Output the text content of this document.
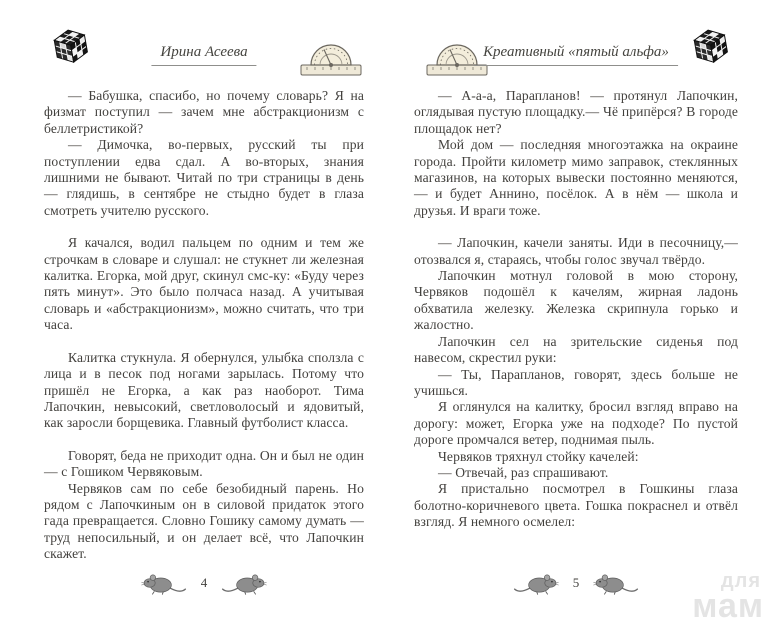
Ирина Асеева

— Бабушка, спасибо, но почему словарь? Я на физмат поступил — зачем мне абстракционизм с беллетристикой?

— Димочка, во-первых, русский ты при поступлении едва сдал. А во-вторых, знания лишними не бывают. Читай по три страницы в день — глядишь, в сентябре не стыдно будет в глаза смотреть учителю русского.

Я качался, водил пальцем по одним и тем же строчкам в словаре и слушал: не стукнет ли железная калитка. Егорка, мой друг, скинул смс-ку: «Буду через пять минут». Это было полчаса назад. А учитывая словарь и «абстракционизм», можно считать, что три часа.

Калитка стукнула. Я обернулся, улыбка сползла с лица и в песок под ногами зарылась. Потому что пришёл не Егорка, а как раз наоборот. Тима Лапочкин, невысокий, светловолосый и ядовитый, как заросли борщевика. Главный футболист класса.

Говорят, беда не приходит одна. Он и был не один — с Гошиком Червяковым.

Червяков сам по себе безобидный парень. Но рядом с Лапочкиным он в силовой придаток этого гада превращается. Словно Гошику самому думать — труд непосильный, и он делает всё, что Лапочкин скажет.

4
Креативный «пятый альфа»

— А-а-а, Парапланов! — протянул Лапочкин, оглядывая пустую площадку.— Чё припёрся? В городе площадок нет?

Мой дом — последняя многоэтажка на окраине города. Пройти километр мимо заправок, стеклянных магазинов, на которых вывески постоянно меняются,— и будет Аннино, посёлок. А в нём — школа и друзья. И враги тоже.

— Лапочкин, качели заняты. Иди в песочницу,— отозвался я, стараясь, чтобы голос звучал твёрдо.

Лапочкин мотнул головой в мою сторону, Червяков подошёл к качелям, жирная ладонь обхватила железку. Железка скрипнула горько и жалостно.

Лапочкин сел на зрительские сиденья под навесом, скрестил руки:

— Ты, Парапланов, говорят, здесь больше не учишься.

Я оглянулся на калитку, бросил взгляд вправо на дорогу: может, Егорка уже на подходе? По пустой дороге промчался ветер, поднимая пыль.

Червяков тряхнул стойку качелей:

— Отвечай, раз спрашивают.

Я пристально посмотрел в Гошкины глаза болотно-коричневого цвета. Гошка покраснел и отвёл взгляд. Я немного осмелел:

5	для
мам
